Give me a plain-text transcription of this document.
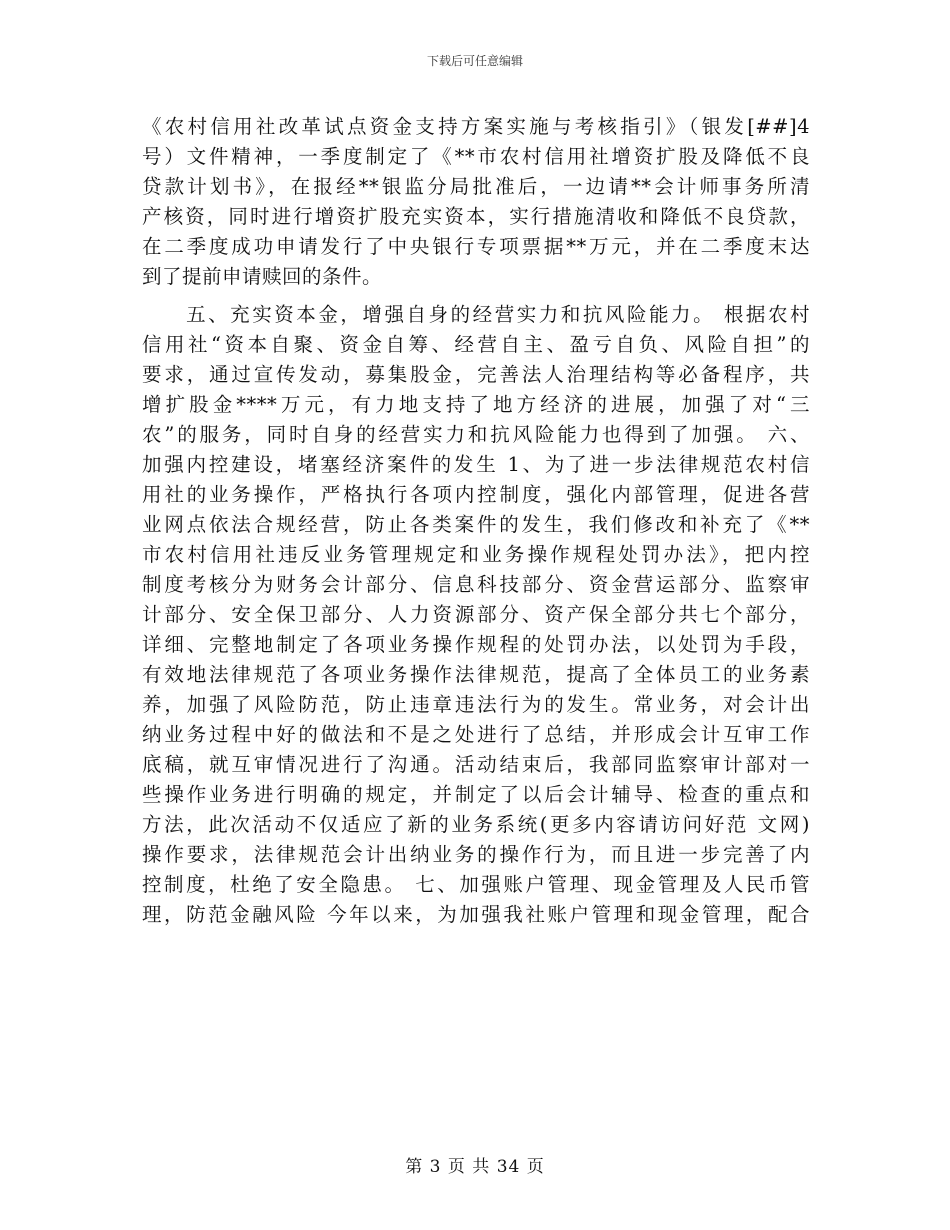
下载后可任意编辑
《农村信用社改革试点资金支持方案实施与考核指引》（银发[##]4
号）文件精神，一季度制定了《**市农村信用社增资扩股及降低不良
贷款计划书》，在报经**银监分局批准后，一边请**会计师事务所清
产核资，同时进行增资扩股充实资本，实行措施清收和降低不良贷款，
在二季度成功申请发行了中央银行专项票据**万元，并在二季度末达
到了提前申请赎回的条件。
　　五、充实资本金，增强自身的经营实力和抗风险能力。 根据农村
信用社“资本自聚、资金自筹、经营自主、盈亏自负、风险自担”的
要求，通过宣传发动，募集股金，完善法人治理结构等必备程序，共
增扩股金****万元，有力地支持了地方经济的进展，加强了对“三
农”的服务，同时自身的经营实力和抗风险能力也得到了加强。 六、
加强内控建设，堵塞经济案件的发生 1、为了进一步法律规范农村信
用社的业务操作，严格执行各项内控制度，强化内部管理，促进各营
业网点依法合规经营，防止各类案件的发生，我们修改和补充了《**
市农村信用社违反业务管理规定和业务操作规程处罚办法》，把内控
制度考核分为财务会计部分、信息科技部分、资金营运部分、监察审
计部分、安全保卫部分、人力资源部分、资产保全部分共七个部分，
详细、完整地制定了各项业务操作规程的处罚办法，以处罚为手段，
有效地法律规范了各项业务操作法律规范，提高了全体员工的业务素
养，加强了风险防范，防止违章违法行为的发生。常业务，对会计出
纳业务过程中好的做法和不是之处进行了总结，并形成会计互审工作
底稿，就互审情况进行了沟通。活动结束后，我部同监察审计部对一
些操作业务进行明确的规定，并制定了以后会计辅导、检查的重点和
方法，此次活动不仅适应了新的业务系统(更多内容请访问好范 文网)
操作要求，法律规范会计出纳业务的操作行为，而且进一步完善了内
控制度，杜绝了安全隐患。 七、加强账户管理、现金管理及人民币管
理，防范金融风险 今年以来，为加强我社账户管理和现金管理，配合
第 3 页 共 34 页
